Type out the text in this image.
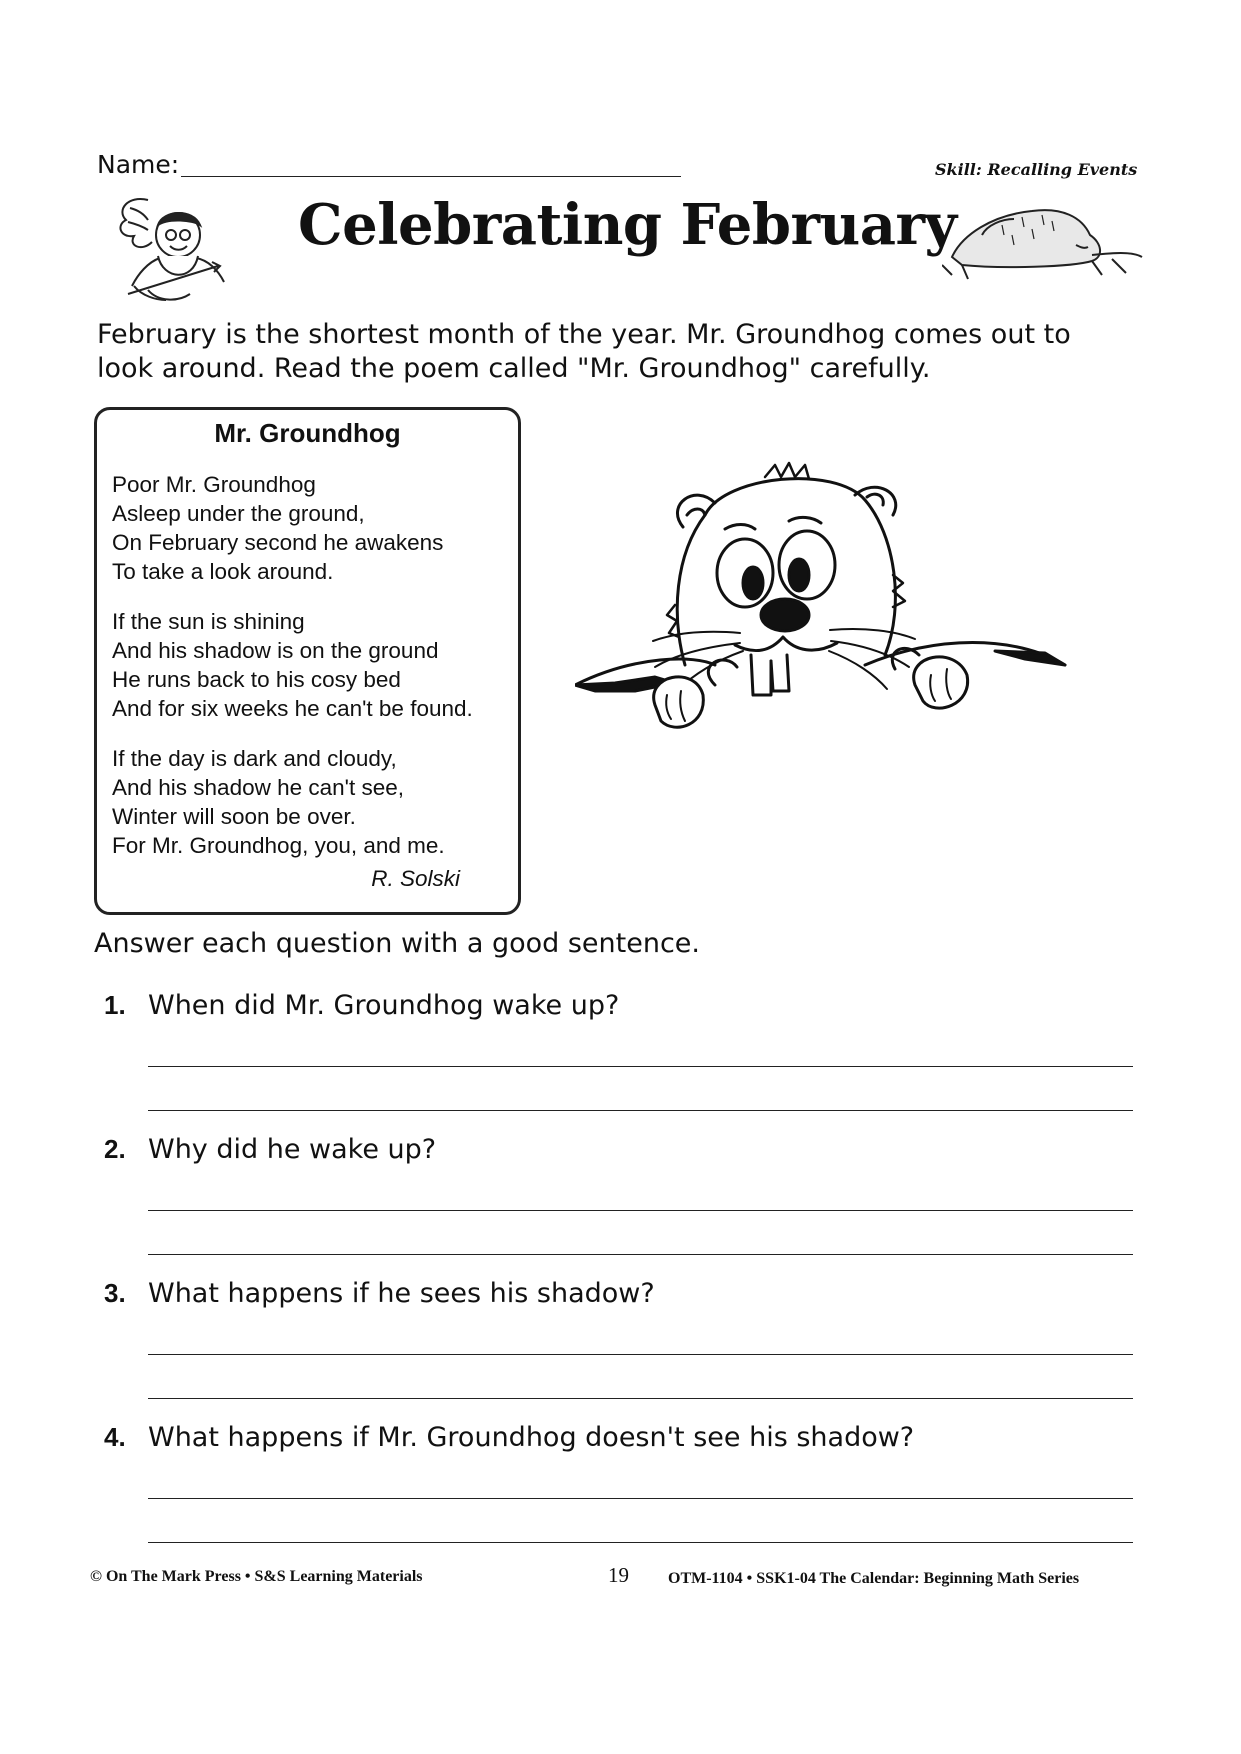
Name:	Skill: Recalling Events
Celebrating February
February is the shortest month of the year. Mr. Groundhog comes out to look around. Read the poem called "Mr. Groundhog" carefully.
Mr. Groundhog
Poor Mr. Groundhog
Asleep under the ground,
On February second he awakens
To take a look around.
If the sun is shining
And his shadow is on the ground
He runs back to his cosy bed
And for six weeks he can't be found.
If the day is dark and cloudy,
And his shadow he can't see,
Winter will soon be over.
For Mr. Groundhog, you, and me.
R. Solski
Answer each question with a good sentence.
1. When did Mr. Groundhog wake up?
2. Why did he wake up?
3. What happens if he sees his shadow?
4. What happens if Mr. Groundhog doesn't see his shadow?
© On The Mark Press • S&S Learning Materials	19 OTM-1104 • SSK1-04 The Calendar: Beginning Math Series
